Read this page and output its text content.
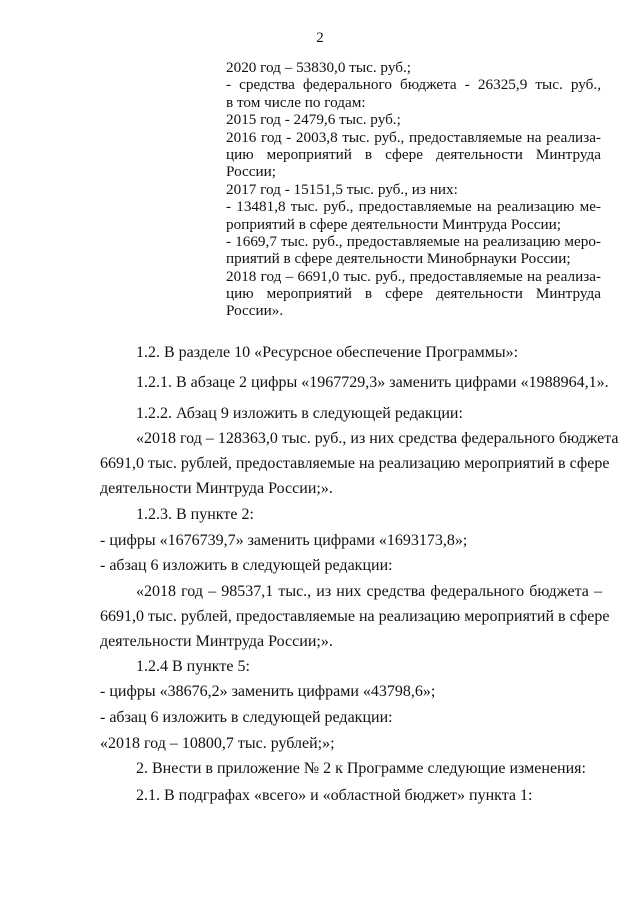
2
2020 год – 53830,0 тыс. руб.;
- средства федерального бюджета - 26325,9 тыс. руб.,
в том числе по годам:
2015 год - 2479,6 тыс. руб.;
2016 год - 2003,8 тыс. руб., предоставляемые на реализа-
цию мероприятий в сфере деятельности Минтруда
России;
2017 год - 15151,5 тыс. руб., из них:
- 13481,8 тыс. руб., предоставляемые на реализацию ме-
роприятий в сфере деятельности Минтруда России;
- 1669,7 тыс. руб., предоставляемые на реализацию меро-
приятий в сфере деятельности Минобрнауки России;
2018 год – 6691,0 тыс. руб., предоставляемые на реализа-
цию мероприятий в сфере деятельности Минтруда
России».
1.2. В разделе 10 «Ресурсное обеспечение Программы»:
1.2.1. В абзаце 2 цифры «1967729,3» заменить цифрами «1988964,1».
1.2.2. Абзац 9 изложить в следующей редакции:
«2018 год – 128363,0 тыс. руб., из них средства федерального бюджета
6691,0 тыс. рублей, предоставляемые на реализацию мероприятий в сфере
деятельности Минтруда России;».
1.2.3. В пункте 2:
- цифры «1676739,7» заменить цифрами «1693173,8»;
- абзац 6 изложить в следующей редакции:
«2018 год – 98537,1 тыс., из них средства федерального бюджета –
6691,0 тыс. рублей, предоставляемые на реализацию мероприятий в сфере
деятельности Минтруда России;».
1.2.4 В пункте 5:
- цифры «38676,2» заменить цифрами «43798,6»;
- абзац 6 изложить в следующей редакции:
«2018 год – 10800,7 тыс. рублей;»;
2. Внести в приложение № 2 к Программе следующие изменения:
2.1. В подграфах «всего» и «областной бюджет» пункта 1:
